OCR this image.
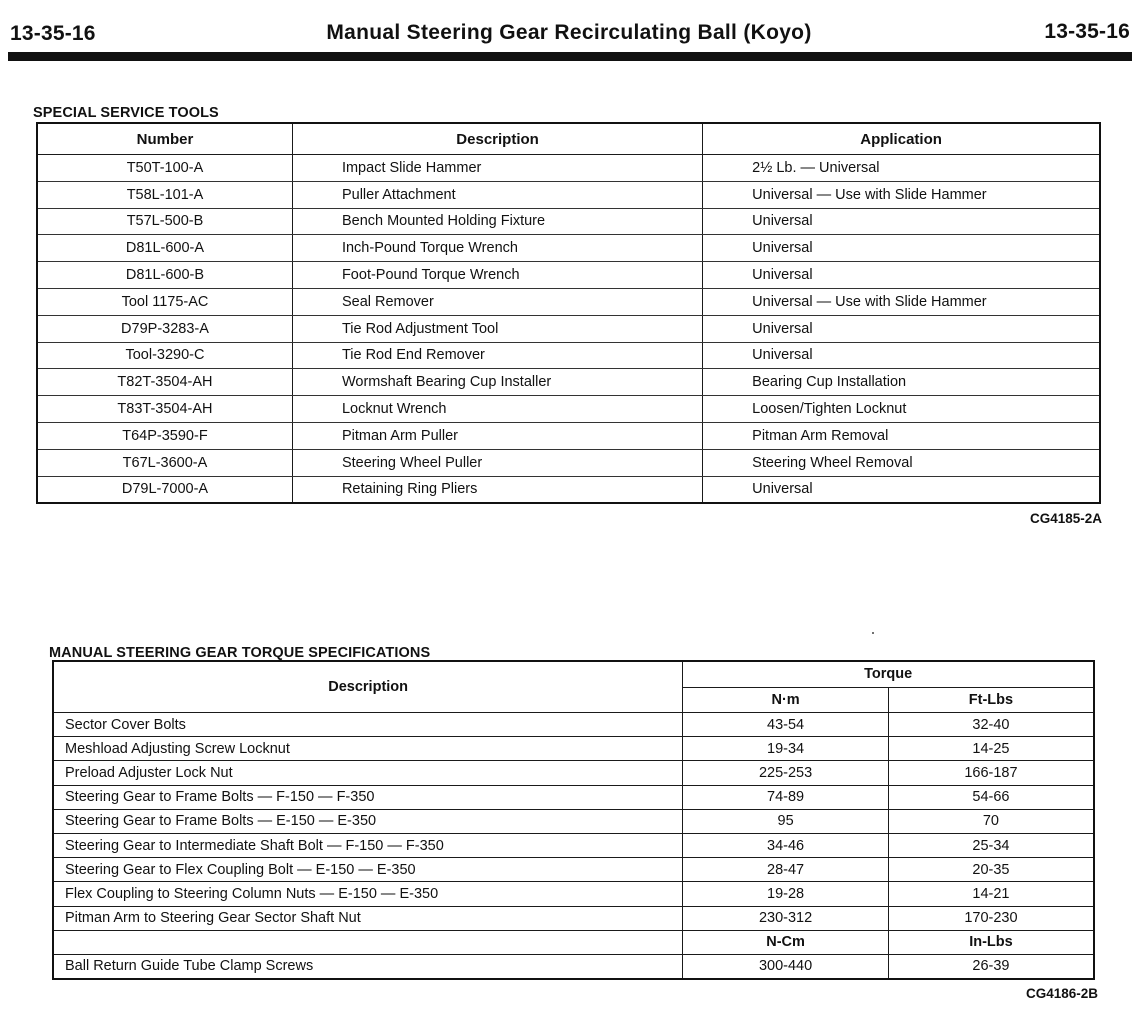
13-35-16	Manual Steering Gear Recirculating Ball (Koyo)	13-35-16
SPECIAL SERVICE TOOLS
Number	Description	Application
T50T-100-A	Impact Slide Hammer	2½ Lb. — Universal
T58L-101-A	Puller Attachment	Universal — Use with Slide Hammer
T57L-500-B	Bench Mounted Holding Fixture	Universal
D81L-600-A	Inch-Pound Torque Wrench	Universal
D81L-600-B	Foot-Pound Torque Wrench	Universal
Tool 1175-AC	Seal Remover	Universal — Use with Slide Hammer
D79P-3283-A	Tie Rod Adjustment Tool	Universal
Tool-3290-C	Tie Rod End Remover	Universal
T82T-3504-AH	Wormshaft Bearing Cup Installer	Bearing Cup Installation
T83T-3504-AH	Locknut Wrench	Loosen/Tighten Locknut
T64P-3590-F	Pitman Arm Puller	Pitman Arm Removal
T67L-3600-A	Steering Wheel Puller	Steering Wheel Removal
D79L-7000-A	Retaining Ring Pliers	Universal
CG4185-2A
MANUAL STEERING GEAR TORQUE SPECIFICATIONS
Description	Torque	
	N·m	Ft-Lbs
Sector Cover Bolts	43-54	32-40
Meshload Adjusting Screw Locknut	19-34	14-25
Preload Adjuster Lock Nut	225-253	166-187
Steering Gear to Frame Bolts — F-150 — F-350	74-89	54-66
Steering Gear to Frame Bolts — E-150 — E-350	95	70
Steering Gear to Intermediate Shaft Bolt — F-150 — F-350	34-46	25-34
Steering Gear to Flex Coupling Bolt — E-150 — E-350	28-47	20-35
Flex Coupling to Steering Column Nuts — E-150 — E-350	19-28	14-21
Pitman Arm to Steering Gear Sector Shaft Nut	230-312	170-230
	N-Cm	In-Lbs
Ball Return Guide Tube Clamp Screws	300-440	26-39
CG4186-2B
